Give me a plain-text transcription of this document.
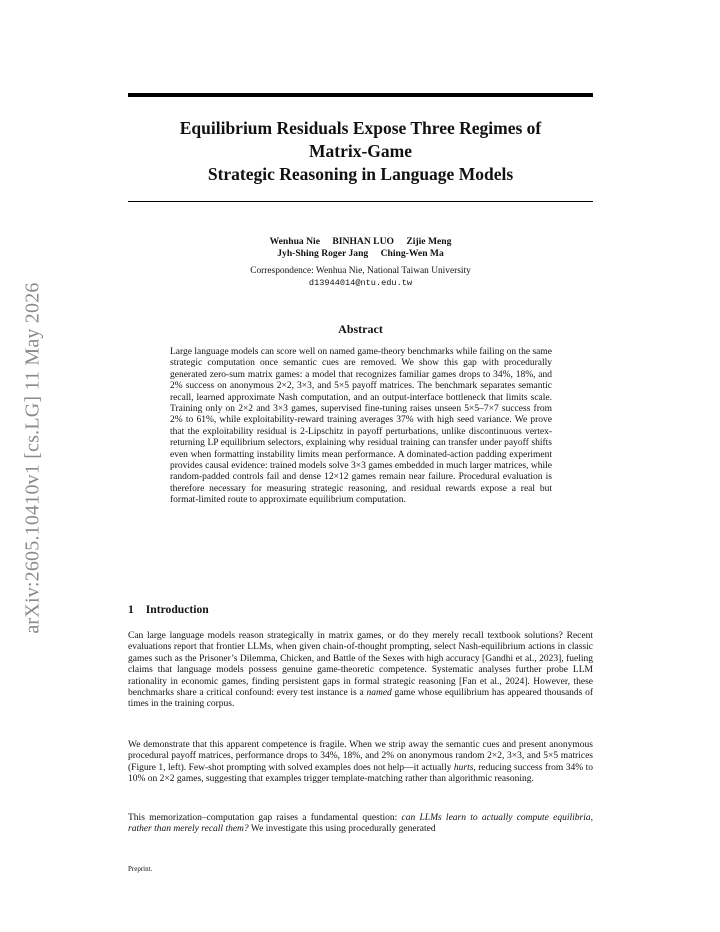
arXiv:2605.10410v1 [cs.LG] 11 May 2026
Equilibrium Residuals Expose Three Regimes of
Matrix-Game
Strategic Reasoning in Language Models
Wenhua Nie BINHAN LUO Zijie Meng
Jyh-Shing Roger Jang Ching-Wen Ma
Correspondence: Wenhua Nie, National Taiwan University
d13944014@ntu.edu.tw
Abstract
Large language models can score well on named game-theory benchmarks while failing on the same strategic computation once semantic cues are removed. We show this gap with procedurally generated zero-sum matrix games: a model that recognizes familiar games drops to 34%, 18%, and 2% success on anonymous 2×2, 3×3, and 5×5 payoff matrices. The benchmark separates semantic recall, learned approximate Nash computation, and an output-interface bottleneck that limits scale. Training only on 2×2 and 3×3 games, supervised fine-tuning raises unseen 5×5–7×7 success from 2% to 61%, while exploitability-reward training averages 37% with high seed variance. We prove that the exploitability residual is 2-Lipschitz in payoff perturbations, unlike discontinuous vertex-returning LP equilibrium selectors, explaining why residual training can transfer under payoff shifts even when formatting instability limits mean performance. A dominated-action padding experiment provides causal evidence: trained models solve 3×3 games embedded in much larger matrices, while random-padded controls fail and dense 12×12 games remain near failure. Procedural evaluation is therefore necessary for measuring strategic reasoning, and residual rewards expose a real but format-limited route to approximate equilibrium computation.
1 Introduction

Can large language models reason strategically in matrix games, or do they merely recall textbook solutions? Recent evaluations report that frontier LLMs, when given chain-of-thought prompting, select Nash-equilibrium actions in classic games such as the Prisoner’s Dilemma, Chicken, and Battle of the Sexes with high accuracy [Gandhi et al., 2023], fueling claims that language models possess genuine game-theoretic competence. Systematic analyses further probe LLM rationality in economic games, finding persistent gaps in formal strategic reasoning [Fan et al., 2024]. However, these benchmarks share a critical confound: every test instance is a named game whose equilibrium has appeared thousands of times in the training corpus.

We demonstrate that this apparent competence is fragile. When we strip away the semantic cues and present anonymous procedural payoff matrices, performance drops to 34%, 18%, and 2% on anonymous random 2×2, 3×3, and 5×5 matrices (Figure 1, left). Few-shot prompting with solved examples does not help—it actually hurts, reducing success from 34% to 10% on 2×2 games, suggesting that examples trigger template-matching rather than algorithmic reasoning.

This memorization–computation gap raises a fundamental question: can LLMs learn to actually compute equilibria, rather than merely recall them? We investigate this using procedurally generated

Preprint.
